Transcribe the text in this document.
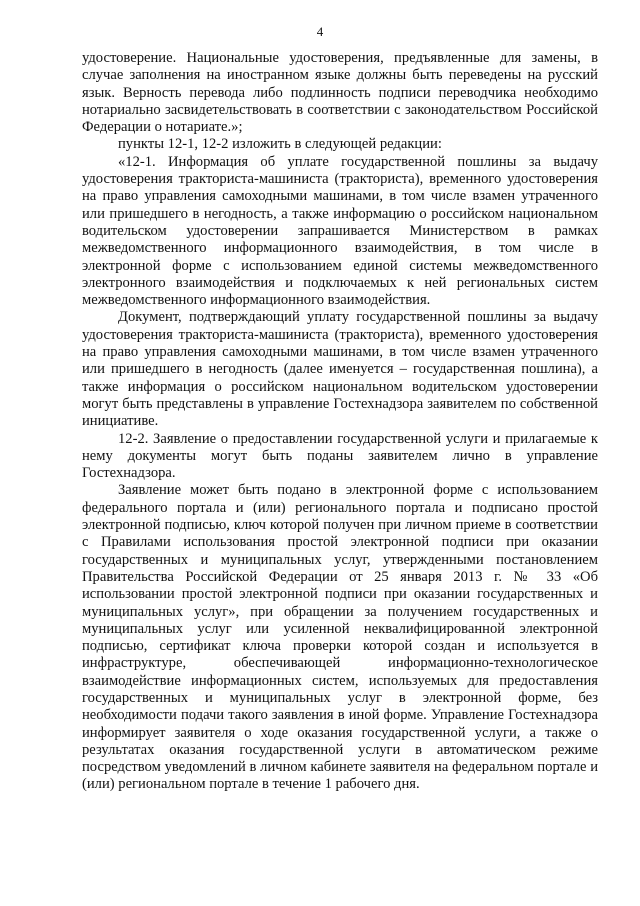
4

удостоверение. Национальные удостоверения, предъявленные для замены, в случае заполнения на иностранном языке должны быть переведены на русский язык. Верность перевода либо подлинность подписи переводчика необходимо нотариально засвидетельствовать в соответствии с законодательством Российской Федерации о нотариате.»;

пункты 12-1, 12-2 изложить в следующей редакции:

«12-1. Информация об уплате государственной пошлины за выдачу удостоверения тракториста-машиниста (тракториста), временного удостоверения на право управления самоходными машинами, в том числе взамен утраченного или пришедшего в негодность, а также информацию о российском национальном водительском удостоверении запрашивается Министерством в рамках межведомственного информационного взаимодействия, в том числе в электронной форме с использованием единой системы межведомственного электронного взаимодействия и подключаемых к ней региональных систем межведомственного информационного взаимодействия.

Документ, подтверждающий уплату государственной пошлины за выдачу удостоверения тракториста-машиниста (тракториста), временного удостоверения на право управления самоходными машинами, в том числе взамен утраченного или пришедшего в негодность (далее именуется – государственная пошлина), а также информация о российском национальном водительском удостоверении могут быть представлены в управление Гостехнадзора заявителем по собственной инициативе.

12-2. Заявление о предоставлении государственной услуги и прилагаемые к нему документы могут быть поданы заявителем лично в управление Гостехнадзора.

Заявление может быть подано в электронной форме с использованием федерального портала и (или) регионального портала и подписано простой электронной подписью, ключ которой получен при личном приеме в соответствии с Правилами использования простой электронной подписи при оказании государственных и муниципальных услуг, утвержденными постановлением Правительства Российской Федерации от 25 января 2013 г. № 33 «Об использовании простой электронной подписи при оказании государственных и муниципальных услуг», при обращении за получением государственных и муниципальных услуг или усиленной неквалифицированной электронной подписью, сертификат ключа проверки которой создан и используется в инфраструктуре, обеспечивающей информационно-технологическое взаимодействие информационных систем, используемых для предоставления государственных и муниципальных услуг в электронной форме, без необходимости подачи такого заявления в иной форме. Управление Гостехнадзора информирует заявителя о ходе оказания государственной услуги, а также о результатах оказания государственной услуги в автоматическом режиме посредством уведомлений в личном кабинете заявителя на федеральном портале и (или) региональном портале в течение 1 рабочего дня.
